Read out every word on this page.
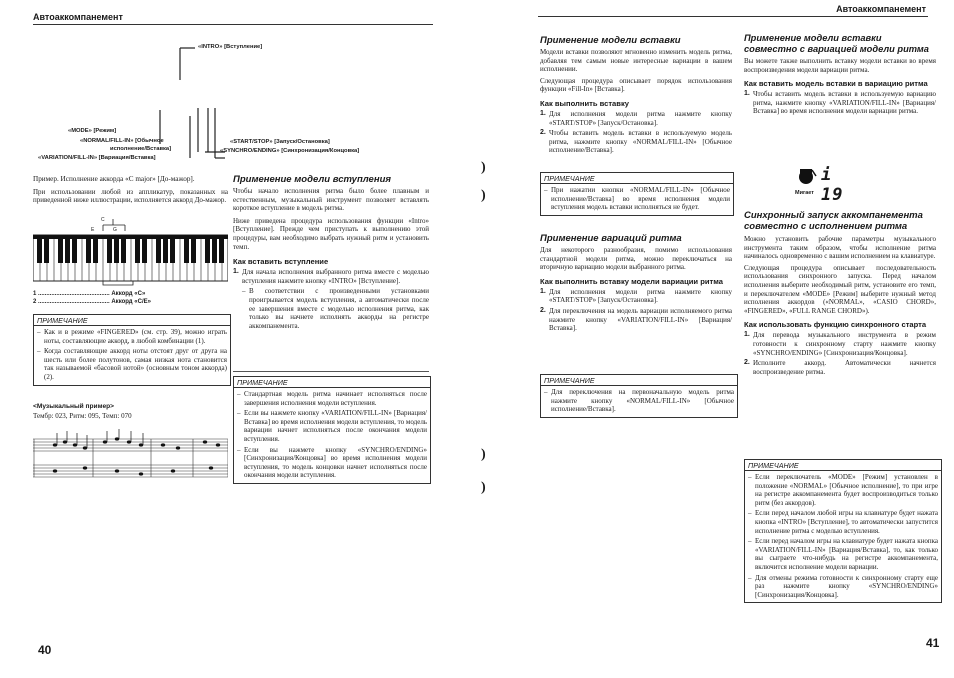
Автоаккомпанемент
Автоаккомпанемент
«INTRO» [Вступление]
«MODE» [Режим]
«NORMAL/FILL-IN» [Обычное
исполнение/Вставка]
«VARIATION/FILL-IN» [Вариация/Вставка]
«START/STOP» [Запуск/Остановка]
«SYNCHRO/ENDING» [Синхронизация/Концовка]
Пример. Исполнение аккорда «C major» [До-мажор].
При использовании любой из аппликатур, показанных на приведенной ниже иллюстрации, исполняется аккорд До-мажор.
C
E	G
1 ........................................... Аккорд «C»
2 ........................................... Аккорд «C/E»
ПРИМЕЧАНИЕ
– Как и в режиме «FINGERED» (см. стр. 39), можно играть ноты, составляющие аккорд, в любой комбинации (1).
– Когда составляющие аккорд ноты отстоят друг от друга на шесть или более полутонов, самая низкая нота становится так называемой «басовой нотой» (основным тоном аккорда) (2).
<Музыкальный пример>
Тембр: 023, Ритм: 095, Темп: 070
Применение модели вступления
Чтобы начало исполнения ритма было более плавным и естественным, музыкальный инструмент позволяет вставлять короткое вступление в модель ритма.
Ниже приведена процедура использования функции «Intro» [Вступление]. Прежде чем приступать к выполнению этой процедуры, вам необходимо выбрать нужный ритм и установить темп.
Как вставить вступление
1. Для начала исполнения выбранного ритма вместе с моделью вступления нажмите кнопку «INTRO» [Вступление].
– В соответствии с произведенными установками проигрывается модель вступления, а автоматически после ее завершения вместе с моделью исполнения ритма, как только вы начнете исполнять аккорды на регистре аккомпанемента.
ПРИМЕЧАНИЕ
– Стандартная модель ритма начинает исполняться после завершения исполнения модели вступления.
– Если вы нажмете кнопку «VARIATION/FILL-IN» [Вариация/Вставка] во время исполнения модели вступления, то модель вариации начнет исполняться после окончания модели вступления.
– Если вы нажмете кнопку «SYNCHRO/ENDING» [Синхронизация/Концовка] во время исполнения модели вступления, то модель концовки начнет исполняться после окончания модели вступления.
)
)
)
)
Применение модели вставки
Модели вставки позволяют мгновенно изменить модель ритма, добавляя тем самым новые интересные вариации в вашем исполнении.
Следующая процедура описывает порядок использования функции «Fill-In» [Вставка].
Как выполнить вставку
1. Для исполнения модели ритма нажмите кнопку «START/STOP» [Запуск/Остановка].
2. Чтобы вставить модель вставки в используемую модель ритма, нажмите кнопку «NORMAL/FILL-IN» [Обычное исполнение/Вставка].
ПРИМЕЧАНИЕ
– При нажатии кнопки «NORMAL/FILL-IN» [Обычное исполнение/Вставка] во время исполнения модели вступления модель вставки исполняться не будет.
Применение вариаций ритма
Для некоторого разнообразия, помимо использования стандартной модели ритма, можно переключаться на вторичную вариацию модели выбранного ритма.
Как выполнить вставку модели вариации ритма
1. Для исполнения модели ритма нажмите кнопку «START/STOP» [Запуск/Остановка].
2. Для переключения на модель вариации исполняемого ритма нажмите кнопку «VARIATION/FILL-IN» [Вариация/Вставка].
ПРИМЕЧАНИЕ
– Для переключения на первоначальную модель ритма нажмите кнопку «NORMAL/FILL-IN» [Обычное исполнение/Вставка].
Применение модели вставки совместно с вариацией модели ритма
Вы можете также выполнить вставку модели вставки во время воспроизведения модели вариации ритма.
Как вставить модель вставки в вариацию ритма
1. Чтобы вставить модель вставки в используемую вариацию ритма, нажмите кнопку «VARIATION/FILL-IN» [Вариация/Вставка] во время исполнения модели вариации ритма.
i 19
Мигает
Синхронный запуск аккомпанемента совместно с исполнением ритма
Можно установить рабочие параметры музыкального инструмента таким образом, чтобы исполнение ритма начиналось одновременно с вашим исполнением на клавиатуре.
Следующая процедура описывает последовательность использования синхронного запуска. Перед началом исполнения выберите необходимый ритм, установите его темп, и переключателем «MODE» [Режим] выберите нужный метод исполнения аккордов («NORMAL», «CASIO CHORD», «FINGERED», «FULL RANGE CHORD»).
Как использовать функцию синхронного старта
1. Для перевода музыкального инструмента в режим готовности к синхронному старту нажмите кнопку «SYNCHRO/ENDING» [Синхронизация/Концовка].
2. Исполните аккорд. Автоматически начнется воспроизведение ритма.
ПРИМЕЧАНИЕ
– Если переключатель «MODE» [Режим] установлен в положение «NORMAL» [Обычное исполнение], то при игре на регистре аккомпанемента будет воспроизводиться только ритм (без аккордов).
– Если перед началом любой игры на клавиатуре будет нажата кнопка «INTRO» [Вступление], то автоматически запустится исполнение ритма с моделью вступления.
– Если перед началом игры на клавиатуре будет нажата кнопка «VARIATION/FILL-IN» [Вариация/Вставка], то, как только вы сыграете что-нибудь на регистре аккомпанемента, включится исполнение модели вариации.
– Для отмены режима готовности к синхронному старту еще раз нажмите кнопку «SYNCHRO/ENDING» [Синхронизация/Концовка].
40	41
